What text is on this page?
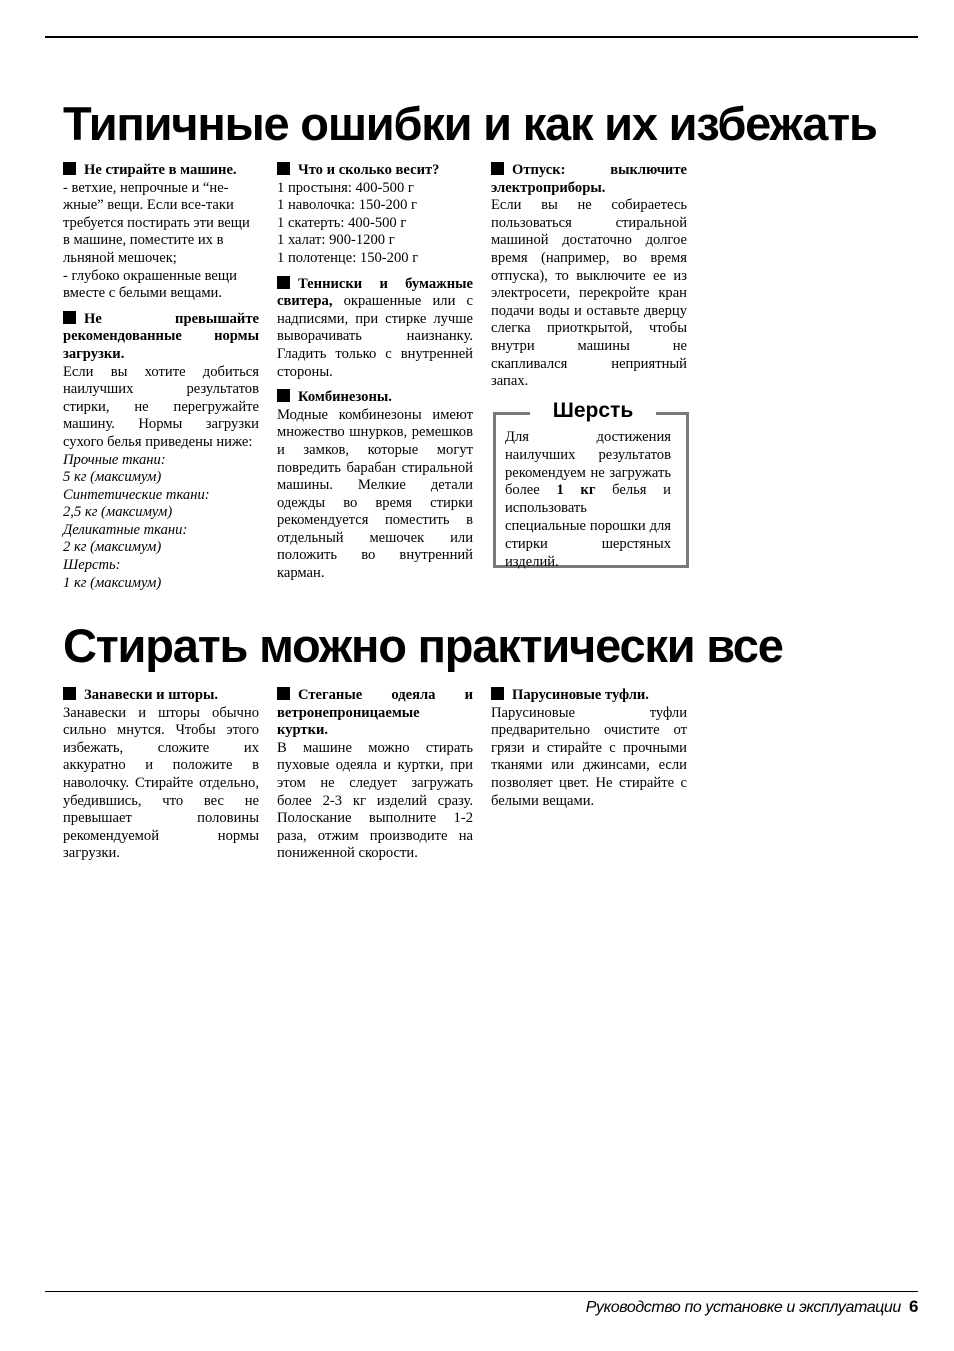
Типичные ошибки и как их избежать

Не стирайте в машине.

- ветхие, непрочные и “не-

жные” вещи. Если все-таки

требуется постирать эти вещи

в машине, поместите их в

льняной мешочек;

- глубоко окрашенные вещи

вместе с белыми вещами.

Не превышайте рекомендованные нормы загрузки.

Если вы хотите добиться наилучших результатов стирки, не перегружайте машину. Нормы загрузки сухого белья приведены ниже:

Прочные ткани:

5 кг (максимум)

Синтетические ткани:

2,5 кг (максимум)

Деликатные ткани:

2 кг (максимум)

Шерсть:

1 кг (максимум)

Что и сколько весит?

1 простыня: 400-500 г

1 наволочка: 150-200 г

1 скатерть: 400-500 г

1 халат: 900-1200 г

1 полотенце: 150-200 г

Тенниски и бумажные свитера, окрашенные или с надписями, при стирке лучше выворачивать наизнанку. Гладить только с внутренней стороны.

Комбинезоны.

Модные комбинезоны имеют множество шнурков, ремешков и замков, которые могут повредить барабан стиральной машины. Мелкие детали одежды во время стирки рекомендуется поместить в отдельный мешочек или положить во внутренний карман.

Отпуск: выключите электроприборы.

Если вы не собираетесь пользоваться стиральной машиной достаточно долгое время (например, во время отпуска), то выключите ее из электросети, перекройте кран подачи воды и оставьте дверцу слегка приоткрытой, чтобы внутри машины не скапливался неприятный запах.

Шерсть
Для достижения наилучших результатов рекомендуем не загружать более 1 кг белья и использовать специальные порошки для стирки шерстяных изделий.
Стирать можно практически все

Занавески и шторы.

Занавески и шторы обычно сильно мнутся. Чтобы этого избежать, сложите их аккуратно и положите в наволочку. Стирайте отдельно, убедившись, что вес не превышает половины рекомендуемой нормы загрузки.

Стеганые одеяла и ветронепроницаемые куртки.

В машине можно стирать пуховые одеяла и куртки, при этом не следует загружать более 2-3 кг изделий сразу. Полоскание выполните 1-2 раза, отжим производите на пониженной скорости.

Парусиновые туфли.

Парусиновые туфли предварительно очистите от грязи и стирайте с прочными тканями или джинсами, если позволяет цвет. Не стирайте с белыми вещами.

Руководство по установке и эксплуатации 6
